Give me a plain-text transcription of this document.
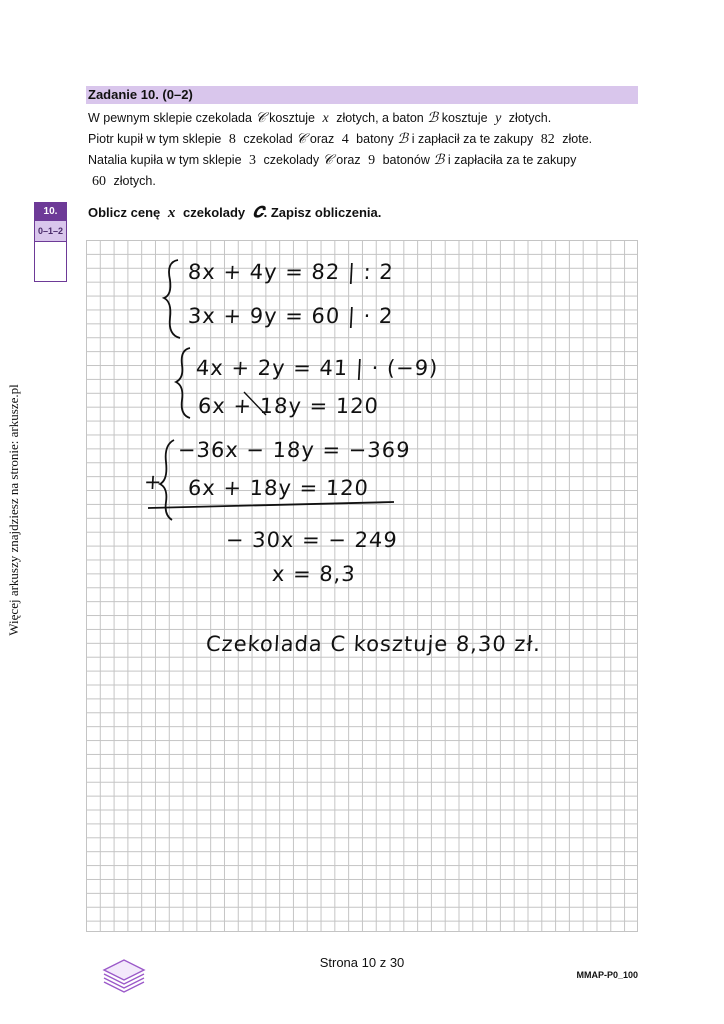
Więcej arkuszy znajdziesz na stronie: arkusze.pl
Zadanie 10. (0–2)

W pewnym sklepie czekolada 𝒞 kosztuje x złotych, a baton ℬ kosztuje y złotych.

Piotr kupił w tym sklepie 8 czekolad 𝒞 oraz 4 batony ℬ i zapłacił za te zakupy 82 złote.

Natalia kupiła w tym sklepie 3 czekolady 𝒞 oraz 9 batonów ℬ i zapłaciła za te zakupy

60 złotych.

10.
0–1–2
Oblicz cenę x czekolady 𝑪. Zapisz obliczenia.
8x + 4y = 82 | : 2
3x + 9y = 60 | · 2
4x + 2y = 41 | · (−9)
6x + 18y = 120
−36x − 18y = −369
+ 6x + 18y = 120
− 30x = − 249
x = 8,3
Czekolada C kosztuje 8,30 zł.
Strona 10 z 30
MMAP-P0_100
